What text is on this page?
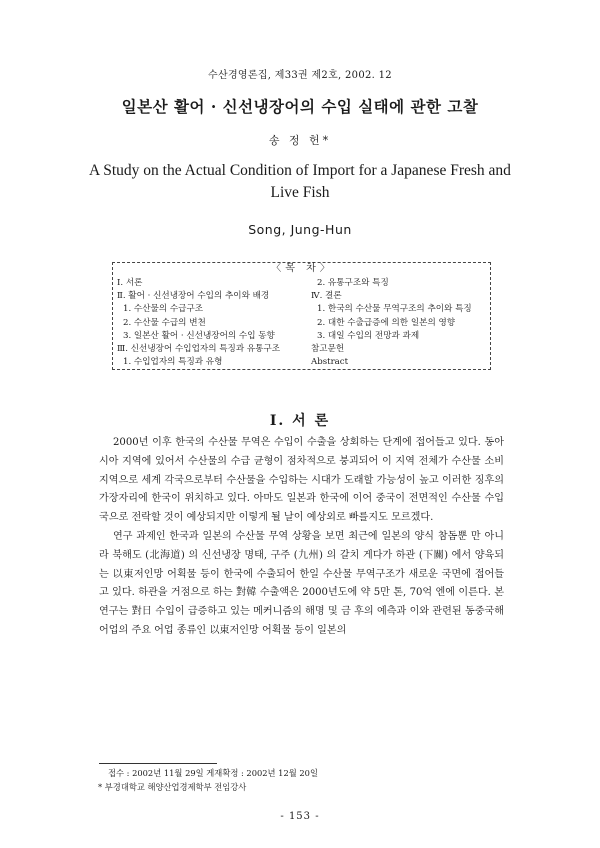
수산경영론집, 제33권 제2호, 2002. 12
일본산 활어 · 신선냉장어의 수입 실태에 관한 고찰
송 정 헌*
A Study on the Actual Condition of Import for a Japanese Fresh and Live Fish
Song, Jung-Hun
〈목 차〉
Ⅰ. 서론
Ⅱ. 활어 · 신선냉장어 수입의 추이와 배경
1. 수산물의 수급구조
2. 수산물 수급의 변천
3. 일본산 활어 · 신선냉장어의 수입 동향
Ⅲ. 신선냉장어 수입업자의 특징과 유통구조
1. 수입업자의 특징과 유형
2. 유통구조와 특징
Ⅳ. 결론
1. 한국의 수산물 무역구조의 추이와 특징
2. 대한 수출급증에 의한 일본의 영향
3. 대일 수입의 전망과 과제
참고문헌
Abstract
Ⅰ. 서 론

2000년 이후 한국의 수산물 무역은 수입이 수출을 상회하는 단계에 접어들고 있다. 동아시아 지역에 있어서 수산물의 수급 균형이 점차적으로 붕괴되어 이 지역 전체가 수산물 소비지역으로 세계 각국으로부터 수산물을 수입하는 시대가 도래할 가능성이 높고 이러한 징후의 가장자리에 한국이 위치하고 있다. 아마도 일본과 한국에 이어 중국이 전면적인 수산물 수입국으로 전락할 것이 예상되지만 이렇게 될 날이 예상외로 빠를지도 모르겠다.

연구 과제인 한국과 일본의 수산물 무역 상황을 보면 최근에 일본의 양식 참돔뿐 만 아니라 북해도 (北海道) 의 신선냉장 명태, 구주 (九州) 의 갈치 게다가 하관 (下關) 에서 양육되는 以東저인망 어획물 등이 한국에 수출되어 한일 수산물 무역구조가 새로운 국면에 접어들고 있다. 하관을 거점으로 하는 對韓 수출액은 2000년도에 약 5만 톤, 70억 엔에 이른다. 본 연구는 對日 수입이 급증하고 있는 메커니즘의 해명 및 금 후의 예측과 이와 관련된 동중국해 어업의 주요 어업 종류인 以東저인망 어획물 등이 일본의

접수 : 2002년 11월 29일 게재확정 : 2002년 12월 20일
* 부경대학교 해양산업경제학부 전임강사
- 153 -
